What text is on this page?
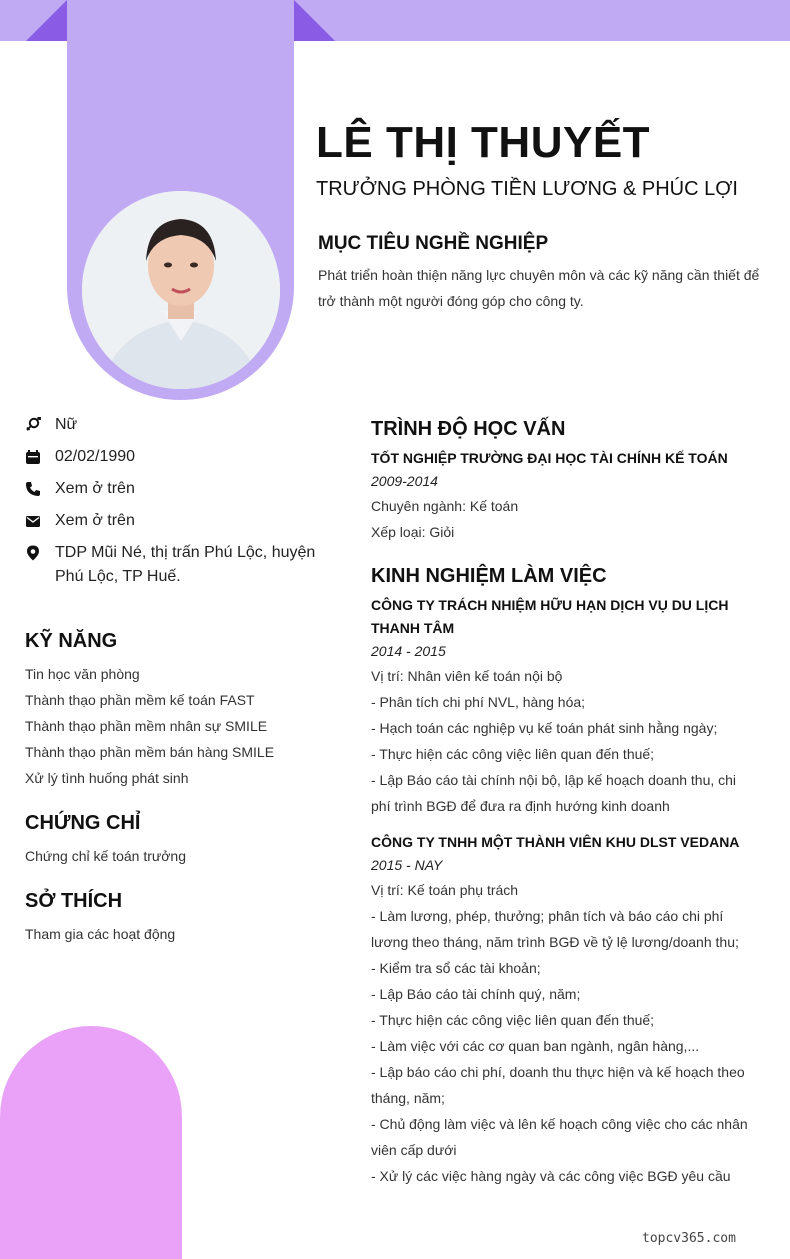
LÊ THỊ THUYẾT

TRƯỞNG PHÒNG TIỀN LƯƠNG & PHÚC LỢI

MỤC TIÊU NGHỀ NGHIỆP

Phát triển hoàn thiện năng lực chuyên môn và các kỹ năng cần thiết để trở thành một người đóng góp cho công ty.

Nữ
02/02/1990
Xem ở trên
Xem ở trên
TDP Mũi Né, thị trấn Phú Lộc, huyện Phú Lộc, TP Huế.
KỸ NĂNG
Tin học văn phòng
Thành thạo phần mềm kế toán FAST
Thành thạo phần mềm nhân sự SMILE
Thành thạo phần mềm bán hàng SMILE
Xử lý tình huống phát sinh
CHỨNG CHỈ
Chứng chỉ kế toán trưởng
SỞ THÍCH
Tham gia các hoạt động
TRÌNH ĐỘ HỌC VẤN
TỐT NGHIỆP TRƯỜNG ĐẠI HỌC TÀI CHÍNH KẾ TOÁN
2009-2014
Chuyên ngành: Kế toán
Xếp loại: Giỏi
KINH NGHIỆM LÀM VIỆC
CÔNG TY TRÁCH NHIỆM HỮU HẠN DỊCH VỤ DU LỊCH THANH TÂM
2014 - 2015
Vị trí: Nhân viên kế toán nội bộ
- Phân tích chi phí NVL, hàng hóa;
- Hạch toán các nghiệp vụ kế toán phát sinh hằng ngày;
- Thực hiện các công việc liên quan đến thuế;
- Lập Báo cáo tài chính nội bộ, lập kế hoạch doanh thu, chi phí trình BGĐ để đưa ra định hướng kinh doanh
CÔNG TY TNHH MỘT THÀNH VIÊN KHU DLST VEDANA
2015 - NAY
Vị trí: Kế toán phụ trách
- Làm lương, phép, thưởng; phân tích và báo cáo chi phí lương theo tháng, năm trình BGĐ về tỷ lệ lương/doanh thu;
- Kiểm tra sổ các tài khoản;
- Lập Báo cáo tài chính quý, năm;
- Thực hiện các công việc liên quan đến thuế;
- Làm việc với các cơ quan ban ngành, ngân hàng,...
- Lập báo cáo chi phí, doanh thu thực hiện và kế hoạch theo tháng, năm;
- Chủ động làm việc và lên kế hoạch công việc cho các nhân viên cấp dưới
- Xử lý các việc hàng ngày và các công việc BGĐ yêu cầu

topcv365.com
